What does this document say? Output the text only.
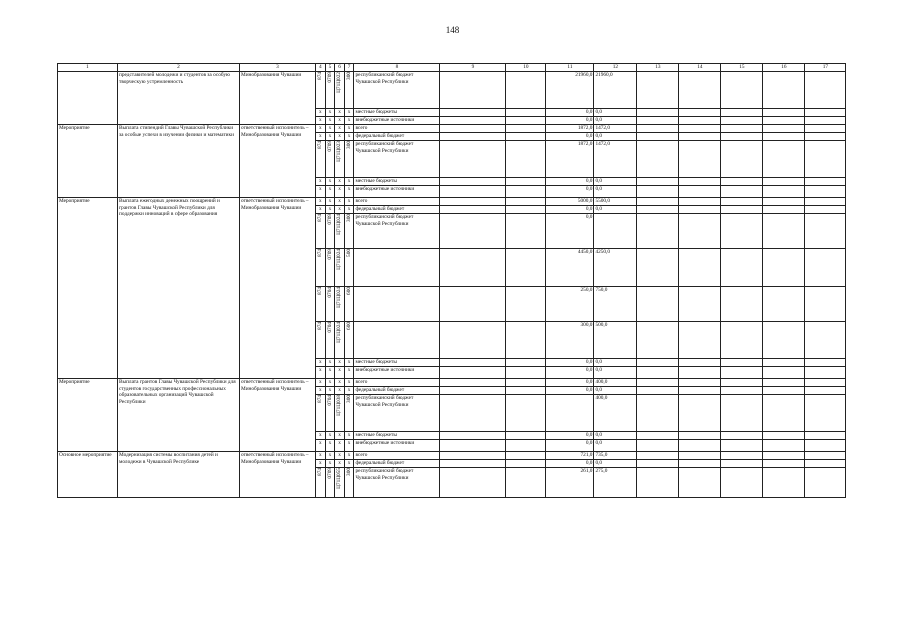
148
1	2	3	4	5	6	7	8	9	10	11	12	13	14	15	16	17
	представителей молодежи и студентов за особую творческую устремленность	Минобразования Чувашии	874	0709	Ц71Ц022	300	республиканский бюджет Чувашской Республики			21960,0	21960,0					
			x	x	x	x	местные бюджеты			0,0	0,0					
			x	x	x	x	внебюджетные источники			0,0	0,0					
Мероприятие	Выплата стипендий Главы Чувашской Республики за особые успехи в изучении физики и математики	ответственный исполнитель – Минобразования Чувашии	x	x	x	x	всего			1872,0	1472,0					
			x	x	x	x	федеральный бюджет			0,0	0,0					

			874	0709	Ц71Ц023	300	республиканский бюджет Чувашской Республики			1872,0	1472,0					
			x	x	x	x	местные бюджеты			0,0	0,0					
			x	x	x	x	внебюджетные источники			0,0	0,0					
Мероприятие	Выплата ежегодных денежных поощрений и грантов Главы Чувашской Республики для поддержки инноваций в сфере образования	ответственный исполнитель – Минобразования Чувашии	x	x	x	x	всего			5000,0	5500,0					
			x	x	x	x	федеральный бюджет			0,0	0,0					

			874	0709	Ц71Ц024	300	республиканский бюджет Чувашской Республики			0,0						

			874	0709	Ц71Ц024	500				4450,0	4250,0					

			874	0704	Ц71Ц024	600				250,0	750,0					

			874	0704	Ц71Ц024	600				300,0	500,0					
			x	x	x	x	местные бюджеты			0,0	0,0					
			x	x	x	x	внебюджетные источники			0,0	0,0					
Мероприятие	Выплата грантов Главы Чувашской Республики для студентов государственных профессиональных образовательных организаций Чувашской Республики	ответственный исполнитель – Минобразования Чувашии	x	x	x	x	всего			0,0	400,0					
			x	x	x	x	федеральный бюджет			0,0	0,0					

			874	0704	Ц71Ц038	300	республиканский бюджет Чувашской Республики				400,0					
			x	x	x	x	местные бюджеты			0,0	0,0					
			x	x	x	x	внебюджетные источники			0,0	0,0					
Основное мероприятие	Модернизация системы воспитания детей и молодежи в Чувашской Республике	ответственный исполнитель – Минобразования Чувашии	x	x	x	x	всего			721,0	735,0					
			x	x	x	x	федеральный бюджет			0,0	0,0					

			874	0709	Ц71Ц055	300	республиканский бюджет Чувашской Республики			261,0	275,0					
